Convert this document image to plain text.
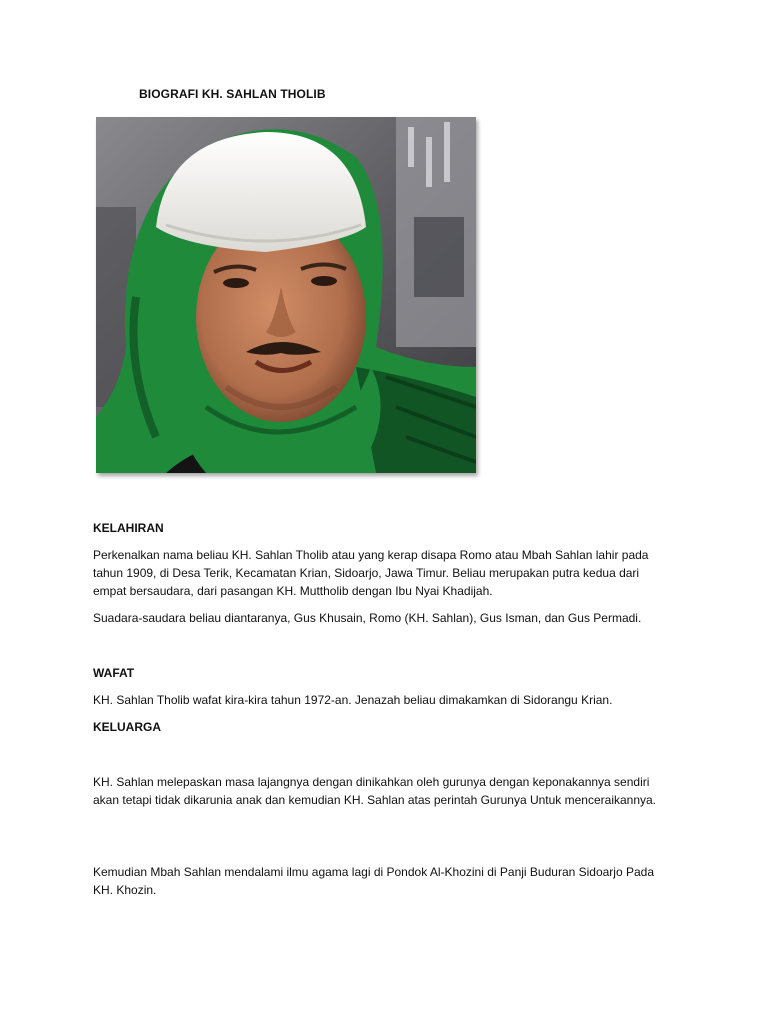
BIOGRAFI KH. SAHLAN THOLIB
KELAHIRAN
Perkenalkan nama beliau KH. Sahlan Tholib atau yang kerap disapa Romo atau Mbah Sahlan lahir pada tahun 1909, di Desa Terik, Kecamatan Krian, Sidoarjo, Jawa Timur. Beliau merupakan putra kedua dari empat bersaudara, dari pasangan KH. Muttholib dengan Ibu Nyai Khadijah.
Suadara-saudara beliau diantaranya, Gus Khusain, Romo (KH. Sahlan), Gus Isman, dan Gus Permadi.
WAFAT
KH. Sahlan Tholib wafat kira-kira tahun 1972-an. Jenazah beliau dimakamkan di Sidorangu Krian.
KELUARGA
KH. Sahlan melepaskan masa lajangnya dengan dinikahkan oleh gurunya dengan keponakannya sendiri akan tetapi tidak dikarunia anak dan kemudian KH. Sahlan atas perintah Gurunya Untuk menceraikannya.
Kemudian Mbah Sahlan mendalami ilmu agama lagi di Pondok Al-Khozini di Panji Buduran Sidoarjo Pada KH. Khozin.
